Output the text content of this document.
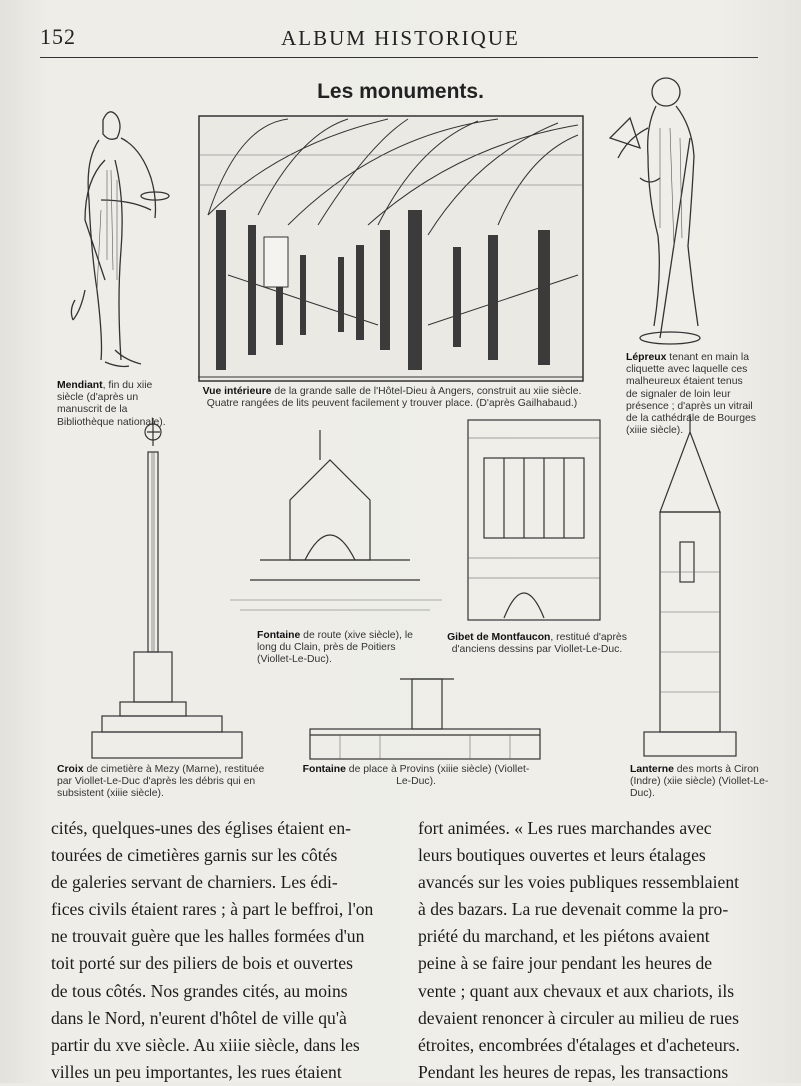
152	ALBUM HISTORIQUE
Les monuments.
Mendiant, fin du xiie siècle (d'après un manuscrit de la Bibliothèque nationale).
Vue intérieure de la grande salle de l'Hôtel-Dieu à Angers, construit au xiie siècle. Quatre rangées de lits peuvent facilement y trouver place. (D'après Gailhabaud.)
Lépreux tenant en main la cliquette avec laquelle ces malheureux étaient tenus de signaler de loin leur présence ; d'après un vitrail de la cathédrale de Bourges (xiiie siècle).
Croix de cimetière à Mezy (Marne), restituée par Viollet-Le-Duc d'après les débris qui en subsistent (xiiie siècle).
Fontaine de route (xive siècle), le long du Clain, près de Poitiers (Viollet-Le-Duc).
Gibet de Montfaucon, restitué d'après d'anciens dessins par Viollet-Le-Duc.
Fontaine de place à Provins (xiiie siècle) (Viollet-Le-Duc).
Lanterne des morts à Ciron (Indre) (xiie siècle) (Viollet-Le-Duc).
cités, quelques-unes des églises étaient en-
tourées de cimetières garnis sur les côtés
de galeries servant de charniers. Les édi-
fices civils étaient rares ; à part le beffroi, l'on
ne trouvait guère que les halles formées d'un
toit porté sur des piliers de bois et ouvertes
de tous côtés. Nos grandes cités, au moins
dans le Nord, n'eurent d'hôtel de ville qu'à
partir du xve siècle. Au xiiie siècle, dans les
villes un peu importantes, les rues étaient
fort animées. « Les rues marchandes avec
leurs boutiques ouvertes et leurs étalages
avancés sur les voies publiques ressemblaient
à des bazars. La rue devenait comme la pro-
priété du marchand, et les piétons avaient
peine à se faire jour pendant les heures de
vente ; quant aux chevaux et aux chariots, ils
devaient renoncer à circuler au milieu de rues
étroites, encombrées d'étalages et d'acheteurs.
Pendant les heures de repas, les transactions
